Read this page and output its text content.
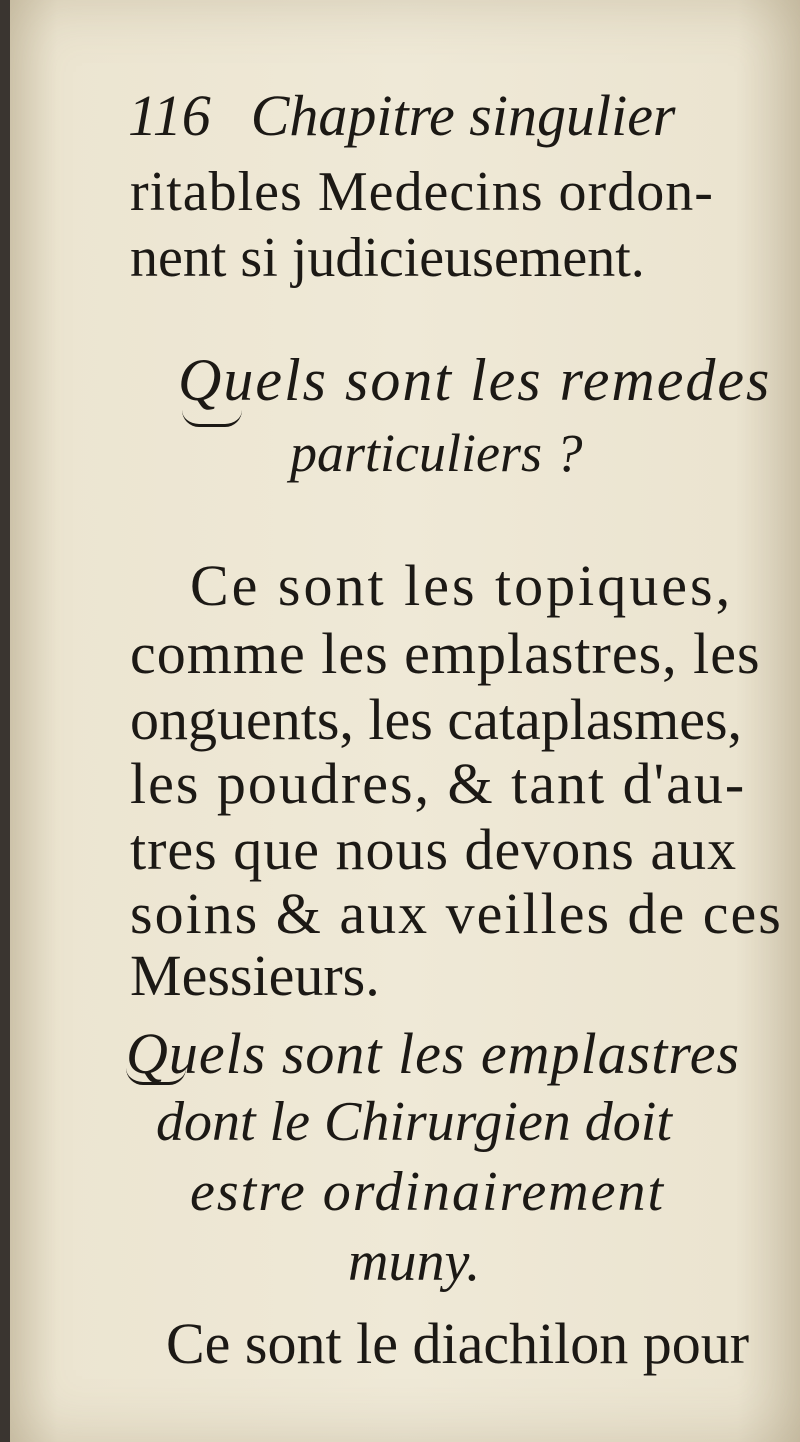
116 Chapitre singulier
ritables Medecins ordon-
nent si judicieusement.
Quels sont les remedes
particuliers ?
Ce sont les topiques,
comme les emplastres, les
onguents, les cataplasmes,
les poudres, & tant d'au-
tres que nous devons aux
soins & aux veilles de ces
Messieurs.
Quels sont les emplastres
dont le Chirurgien doit
estre ordinairement
muny.
Ce sont le diachilon pour
